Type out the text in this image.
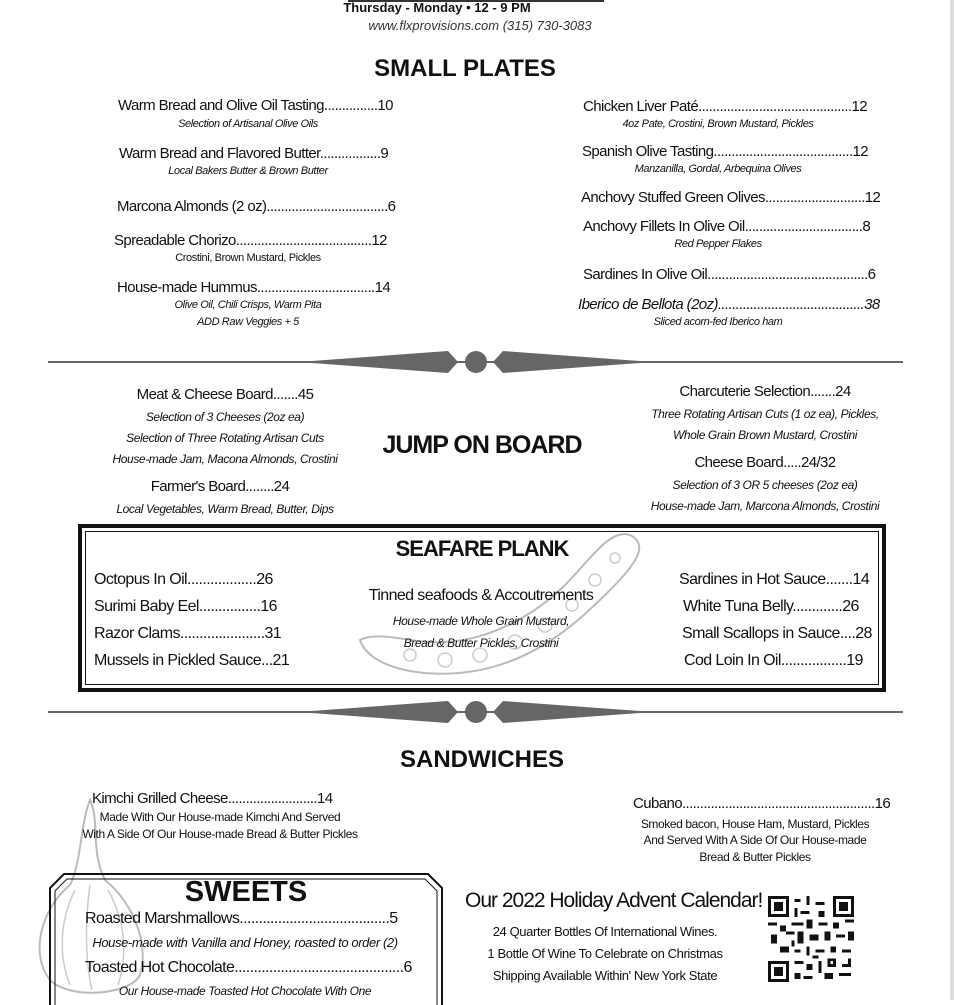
Thursday - Monday • 12 - 9 PM
www.flxprovisions.com (315) 730-3083
SMALL PLATES
Warm Bread and Olive Oil Tasting...............10
Selection of Artisanal Olive Oils
Warm Bread and Flavored Butter.................9
Local Bakers Butter & Brown Butter
Marcona Almonds (2 oz)..................................6
Spreadable Chorizo......................................12
Crostini, Brown Mustard, Pickles
House-made Hummus.................................14
Olive Oil, Chili Crisps, Warm Pita
ADD Raw Veggies + 5
Chicken Liver Paté...........................................12
4oz Pate, Crostini, Brown Mustard, Pickles
Spanish Olive Tasting.......................................12
Manzanilla, Gordal, Arbequina Olives
Anchovy Stuffed Green Olives............................12
Anchovy Fillets In Olive Oil.................................8
Red Pepper Flakes
Sardines In Olive Oil.............................................6
Iberico de Bellota (2oz).........................................38
Sliced acorn-fed Iberico ham
JUMP ON BOARD
Meat & Cheese Board.......45
Selection of 3 Cheeses (2oz ea)
Selection of Three Rotating Artisan Cuts
House-made Jam, Macona Almonds, Crostini
Farmer's Board........24
Local Vegetables, Warm Bread, Butter, Dips
Charcuterie Selection.......24
Three Rotating Artisan Cuts (1 oz ea), Pickles,
Whole Grain Brown Mustard, Crostini
Cheese Board.....24/32
Selection of 3 OR 5 cheeses (2oz ea)
House-made Jam, Marcona Almonds, Crostini
SEAFARE PLANK
Octopus In Oil..................26
Surimi Baby Eel................16
Razor Clams......................31
Mussels in Pickled Sauce...21
Sardines in Hot Sauce.......14
White Tuna Belly.............26
Small Scallops in Sauce....28
Cod Loin In Oil.................19
Tinned seafoods & Accoutrements
House-made Whole Grain Mustard,
Bread & Butter Pickles, Crostini
SANDWICHES
Kimchi Grilled Cheese.........................14
Made With Our House-made Kimchi And Served
With A Side Of Our House-made Bread & Butter Pickles
Cubano......................................................16
Smoked bacon, House Ham, Mustard, Pickles
And Served With A Side Of Our House-made
Bread & Butter Pickles
SWEETS
Roasted Marshmallows.......................................5
House-made with Vanilla and Honey, roasted to order (2)
Toasted Hot Chocolate............................................6
Our House-made Toasted Hot Chocolate With One
Our 2022 Holiday Advent Calendar!
24 Quarter Bottles Of International Wines.
1 Bottle Of Wine To Celebrate on Christmas
Shipping Available Within' New York State
